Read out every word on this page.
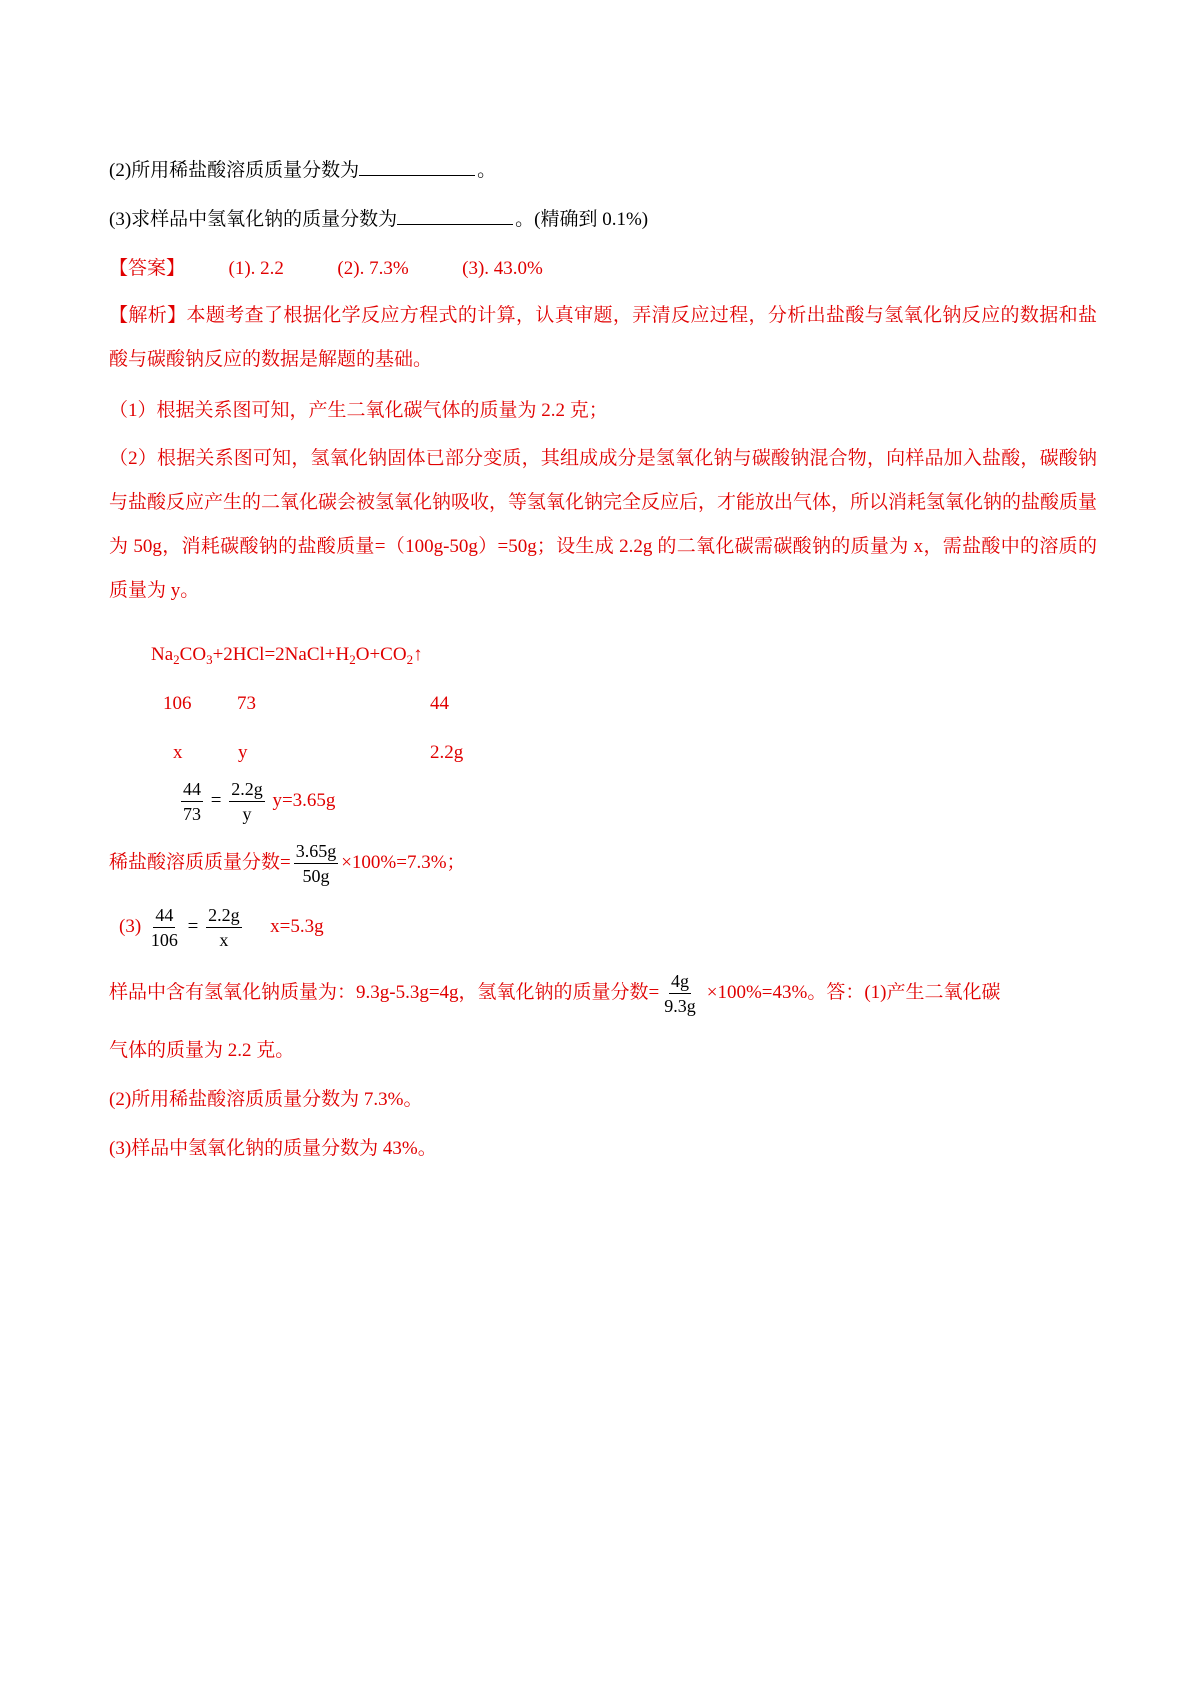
(2)所用稀盐酸溶质质量分数为	。
(3)求样品中氢氧化钠的质量分数为	。(精确到 0.1%)
【答案】 (1). 2.2	(2). 7.3%	(3). 43.0%
【解析】本题考查了根据化学反应方程式的计算，认真审题，弄清反应过程，分析出盐酸与氢氧化钠反应的数据和盐酸与碳酸钠反应的数据是解题的基础。
（1）根据关系图可知，产生二氧化碳气体的质量为 2.2 克；
（2）根据关系图可知，氢氧化钠固体已部分变质，其组成成分是氢氧化钠与碳酸钠混合物，向样品加入盐酸，碳酸钠与盐酸反应产生的二氧化碳会被氢氧化钠吸收，等氢氧化钠完全反应后，才能放出气体，所以消耗氢氧化钠的盐酸质量为 50g，消耗碳酸钠的盐酸质量=（100g-50g）=50g；设生成 2.2g 的二氧化碳需碳酸钠的质量为 x，需盐酸中的溶质的质量为 y。
$Na_2CO_3+2HCl=2NaCl+H_2O+CO_2↑$
106 73	44
x	y	2.2g
$\frac{44}{73} = \frac{2.2g}{y} y=3.65g$
稀盐酸溶质质量分数= $\frac{3.65g}{50g} \times 100\%=7.3\%$；
$(3) \frac{44}{106} = \frac{2.2g}{x} x=5.3g$
样品中含有氢氧化钠质量为：9.3g-5.3g=4g，氢氧化钠的质量分数= $\frac{4g}{9.3g} \times 100\%=43\%$。答：(1)产生二氧化碳
气体的质量为 2.2 克。
(2)所用稀盐酸溶质质量分数为 7.3%。
(3)样品中氢氧化钠的质量分数为 43%。
